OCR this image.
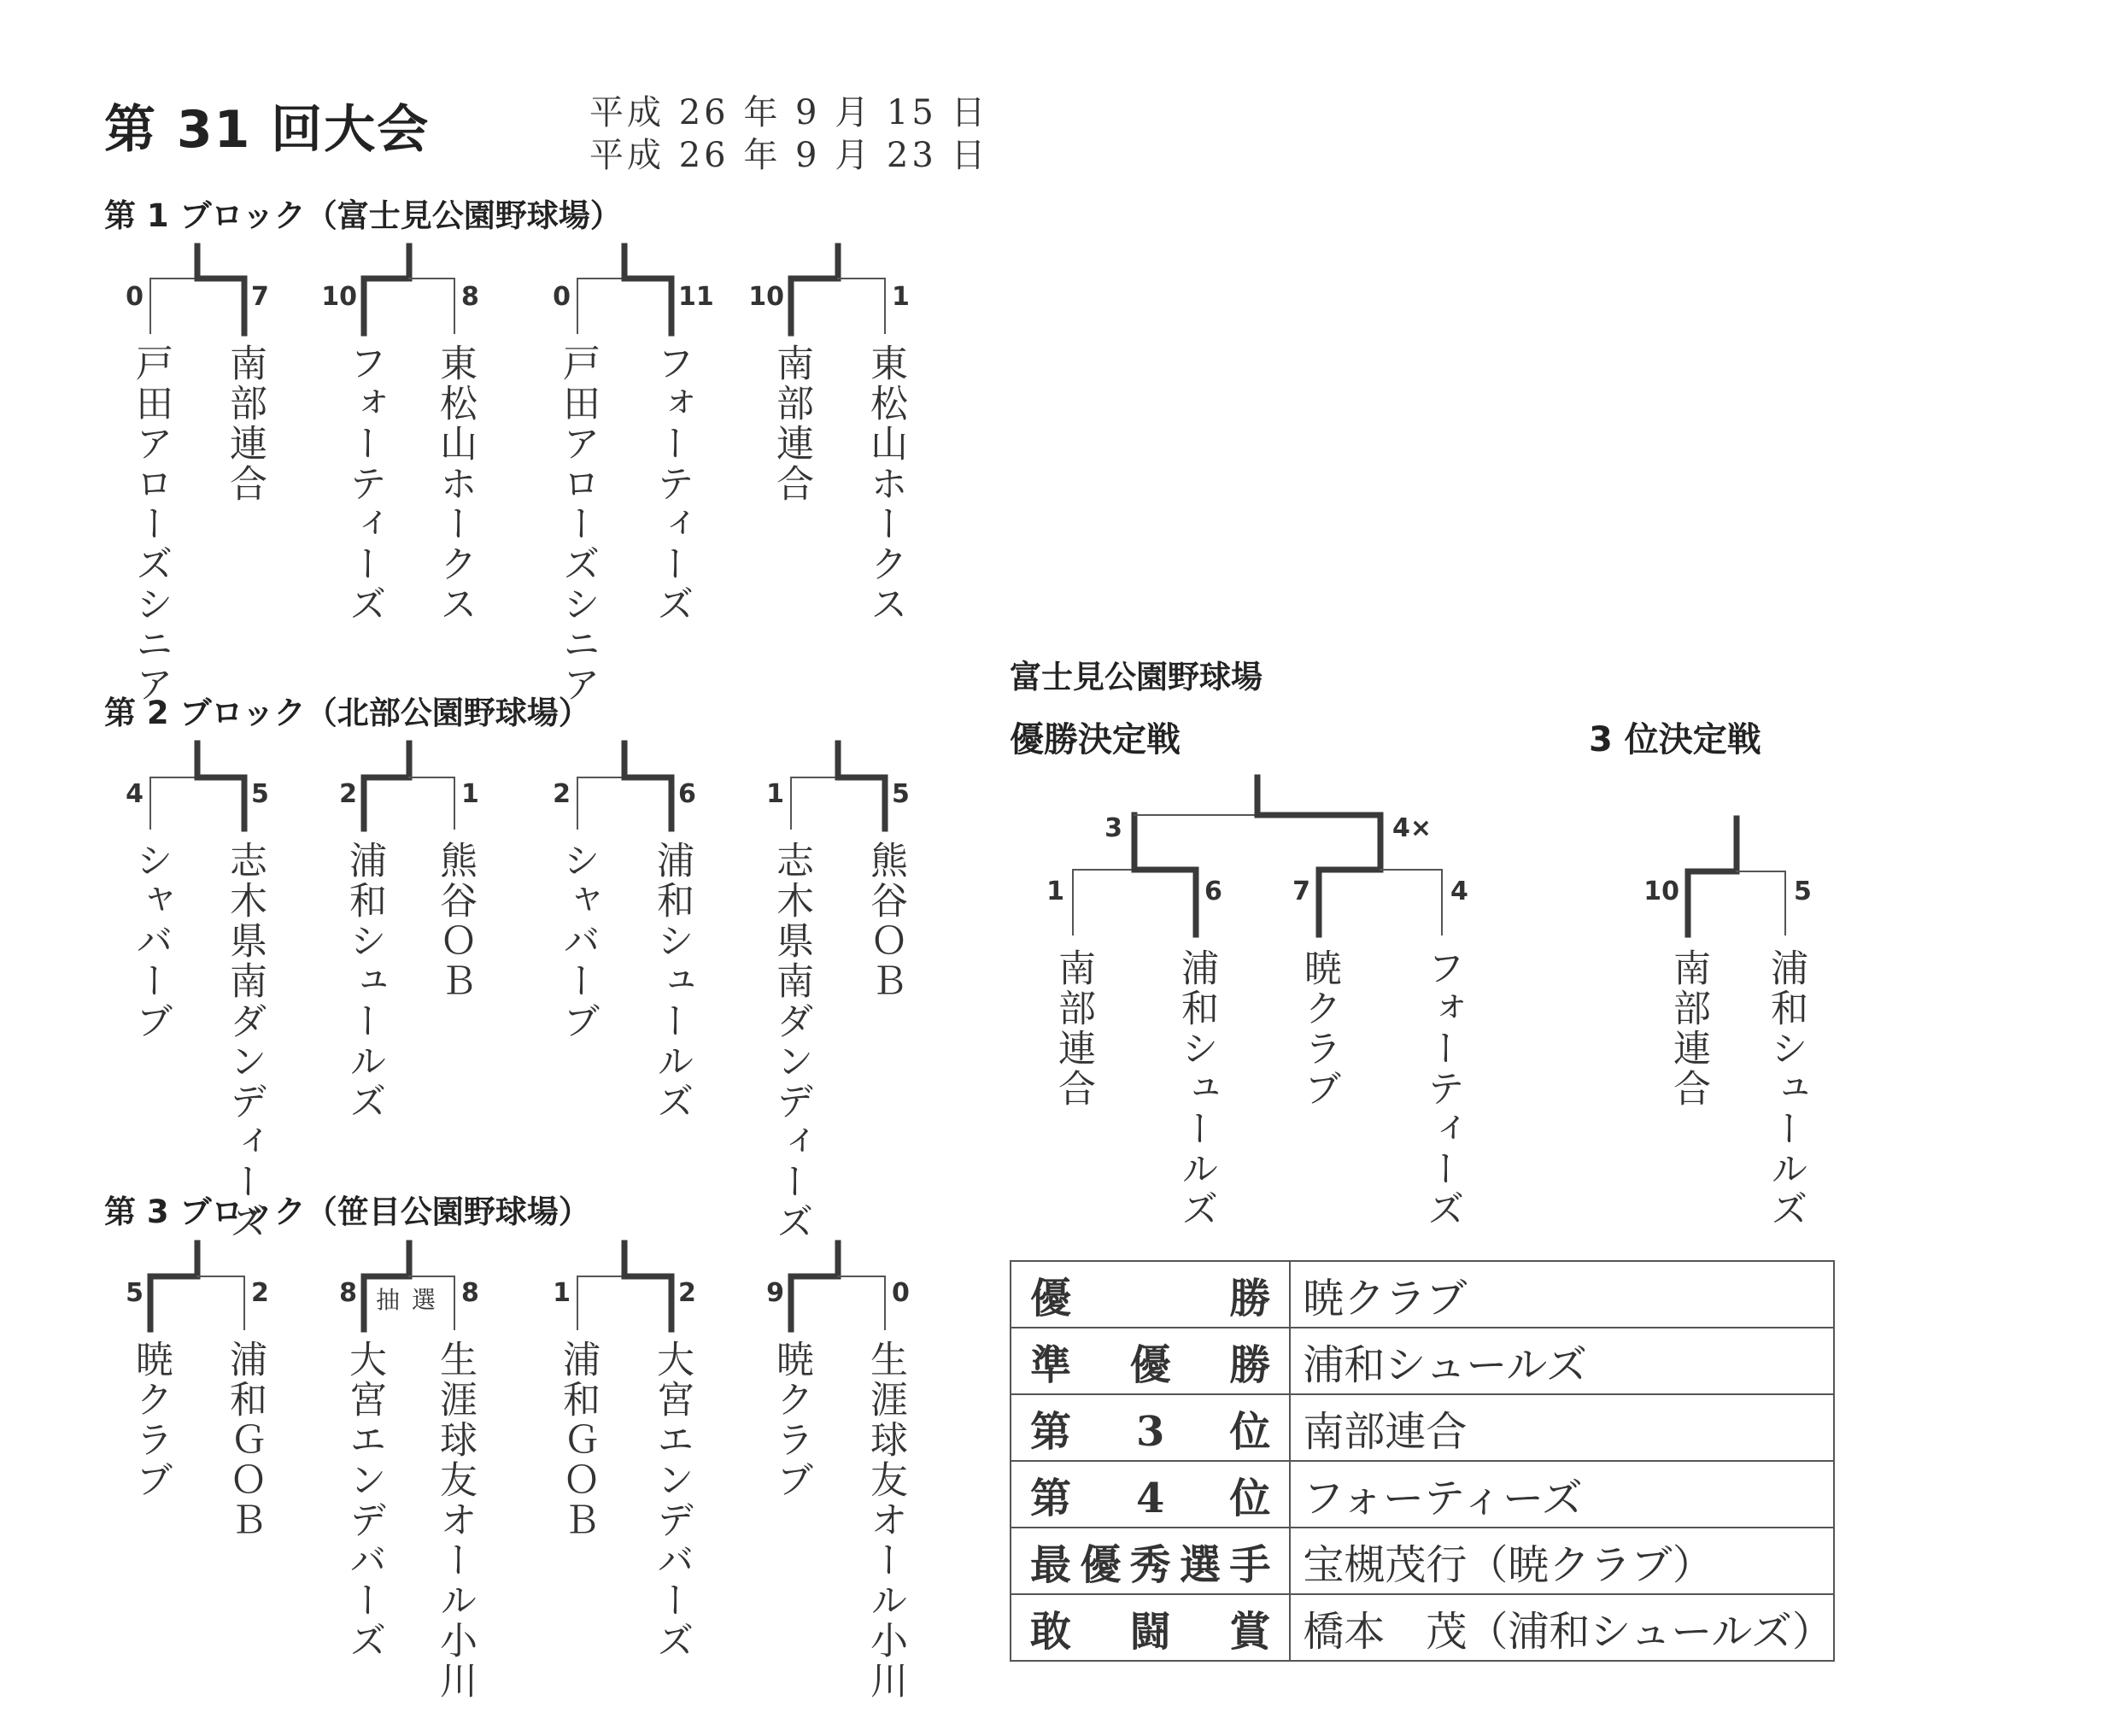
第 31 回大会	平成 26 年 9 月 15 日
平成 26 年 9 月 23 日
第 1 ブロック（富士見公園野球場）
第 2 ブロック（北部公園野球場）
第 3 ブロック（笹目公園野球場）
富士見公園野球場
優勝決定戦	3 位決定戦
0	7
戸田アローズシニア 南部連合
10	8
フォーティーズ 東松山ホークス
0	11
戸田アローズシニア フォーティーズ
10	1
南部連合 東松山ホークス
4	5
シャバーブ 志木県南ダンディーズ
2	1
浦和シュールズ 熊谷ＯＢ
2	6
シャバーブ 浦和シュールズ
1	5
志木県南ダンディーズ 熊谷ＯＢ
5	2
暁クラブ 浦和ＧＯＢ
8	8
大宮エンデバーズ 生涯球友オール小川
抽選	1	2
浦和ＧＯＢ 大宮エンデバーズ
9	0
暁クラブ 生涯球友オール小川
1	6
南部連合 浦和シュールズ
7	4
暁クラブ フォーティーズ
3	4×
10	5
南部連合 浦和シュールズ
優勝	暁クラブ
準優勝	浦和シュールズ
第3位	南部連合
第4位	フォーティーズ
最優秀選手	宝槻茂行（暁クラブ）
敢闘賞	橋本　茂（浦和シュールズ）
